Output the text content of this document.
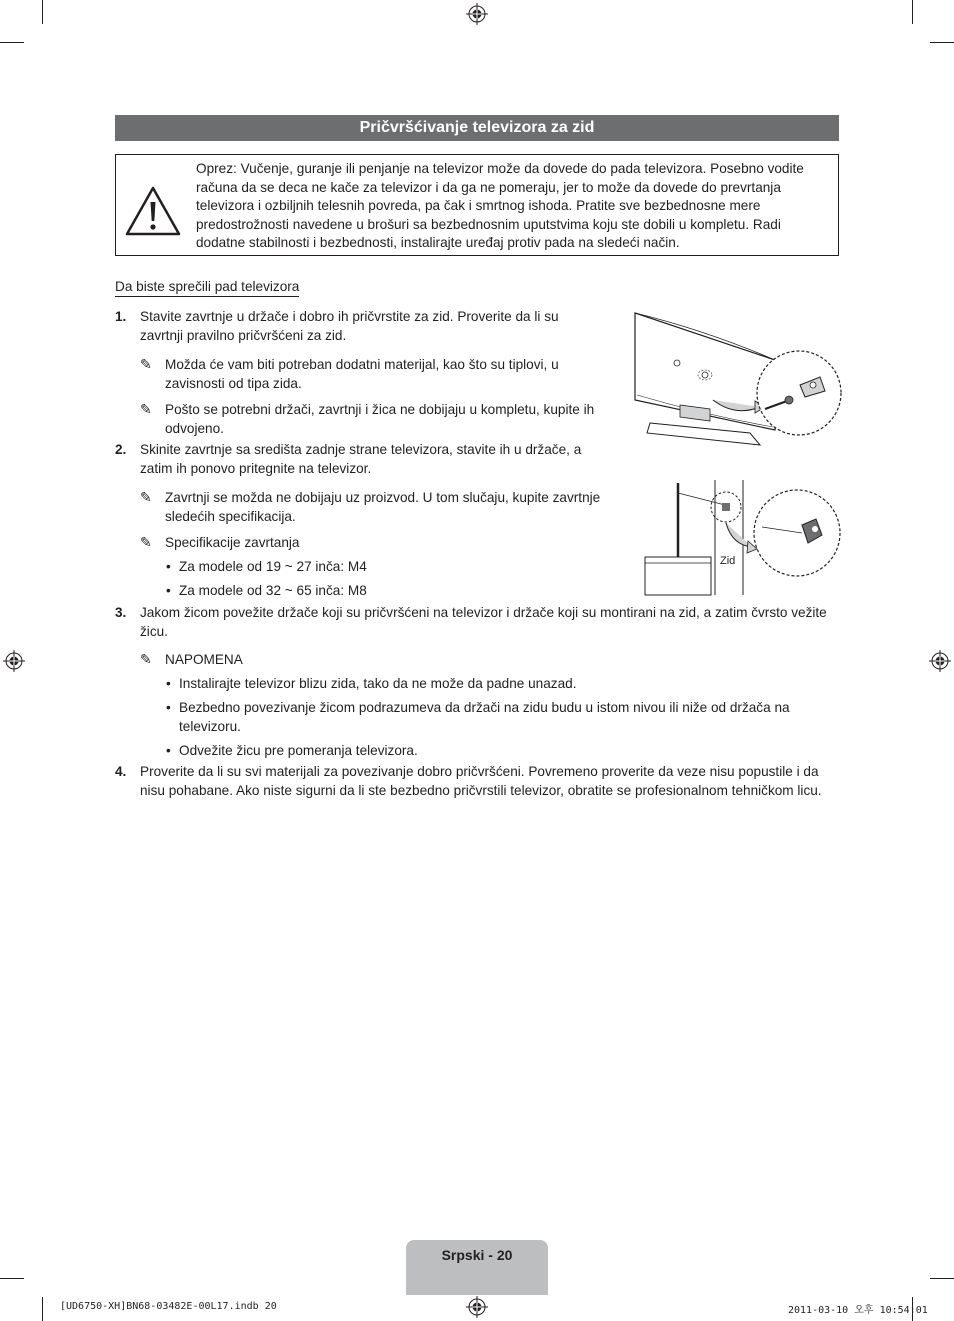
Pričvršćivanje televizora za zid
Oprez: Vučenje, guranje ili penjanje na televizor može da dovede do pada televizora. Posebno vodite računa da se deca ne kače za televizor i da ga ne pomeraju, jer to može da dovede do prevrtanja televizora i ozbiljnih telesnih povreda, pa čak i smrtnog ishoda. Pratite sve bezbednosne mere predostrožnosti navedene u brošuri sa bezbednosnim uputstvima koju ste dobili u kompletu. Radi dodatne stabilnosti i bezbednosti, instalirajte uređaj protiv pada na sledeći način.
Da biste sprečili pad televizora
1. Stavite zavrtnje u držače i dobro ih pričvrstite za zid. Proverite da li su zavrtnji pravilno pričvršćeni za zid.
✎ Možda će vam biti potreban dodatni materijal, kao što su tiplovi, u zavisnosti od tipa zida.
✎ Pošto se potrebni držači, zavrtnji i žica ne dobijaju u kompletu, kupite ih odvojeno.
2. Skinite zavrtnje sa središta zadnje strane televizora, stavite ih u držače, a zatim ih ponovo pritegnite na televizor.
✎ Zavrtnji se možda ne dobijaju uz proizvod. U tom slučaju, kupite zavrtnje sledećih specifikacija.
✎ Specifikacije zavrtanja
• Za modele od 19 ~ 27 inča: M4
• Za modele od 32 ~ 65 inča: M8
3. Jakom žicom povežite držače koji su pričvršćeni na televizor i držače koji su montirani na zid, a zatim čvrsto vežite žicu.
✎ NAPOMENA
• Instalirajte televizor blizu zida, tako da ne može da padne unazad.
• Bezbedno povezivanje žicom podrazumeva da držači na zidu budu u istom nivou ili niže od držača na televizoru.
• Odvežite žicu pre pomeranja televizora.
4. Proverite da li su svi materijali za povezivanje dobro pričvršćeni. Povremeno proverite da veze nisu popustile i da nisu pohabane. Ako niste sigurni da li ste bezbedno pričvrstili televizor, obratite se profesionalnom tehničkom licu.
Zid
Srpski - 20
[UD6750-XH]BN68-03482E-00L17.indb 20	2011-03-10 오후 10:54:01
